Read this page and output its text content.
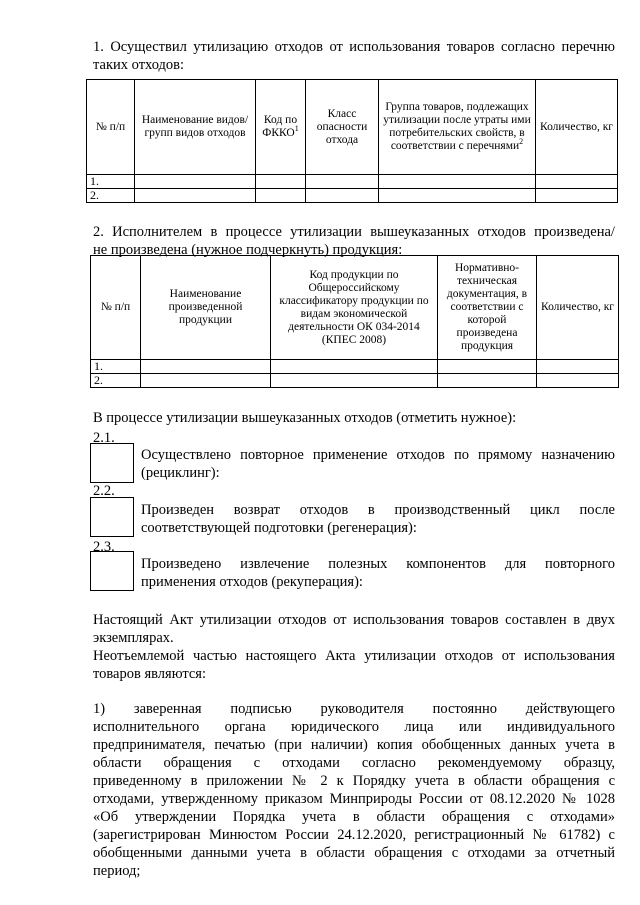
1. Осуществил утилизацию отходов от использования товаров согласно перечню
таких отходов:
№ п/п	Наименование видов/групп видов отходов	Код по ФККО$^1$	Класс опасности отхода	Группа товаров, подлежащих утилизации после утраты ими потребительских свойств, в соответствии с перечнями$^2$	Количество, кг
1.					
2.					
2. Исполнителем в процессе утилизации вышеуказанных отходов произведена/
не произведена (нужное подчеркнуть) продукция:
№ п/п	Наименование произведенной продукции	Код продукции по Общероссийскому классификатору продукции по видам экономической деятельности ОК 034-2014 (КПЕС 2008)	Нормативно-техническая документация, в соответствии с которой произведена продукция	Количество, кг
1.				
2.				
В процессе утилизации вышеуказанных отходов (отметить нужное):
2.1.
Осуществлено повторное применение отходов по прямому назначению
(рециклинг):
2.2.
Произведен возврат отходов в производственный цикл после
соответствующей подготовки (регенерация):
2.3.
Произведено извлечение полезных компонентов для повторного
применения отходов (рекуперация):
Настоящий Акт утилизации отходов от использования товаров составлен в двух
экземплярах.
Неотъемлемой частью настоящего Акта утилизации отходов от использования
товаров являются:
1) заверенная подписью руководителя постоянно действующего
исполнительного органа юридического лица или индивидуального
предпринимателя, печатью (при наличии) копия обобщенных данных учета в
области обращения с отходами согласно рекомендуемому образцу,
приведенному в приложении № 2 к Порядку учета в области обращения с
отходами, утвержденному приказом Минприроды России от 08.12.2020 № 1028
«Об утверждении Порядка учета в области обращения с отходами»
(зарегистрирован Минюстом России 24.12.2020, регистрационный № 61782) с
обобщенными данными учета в области обращения с отходами за отчетный
период;
